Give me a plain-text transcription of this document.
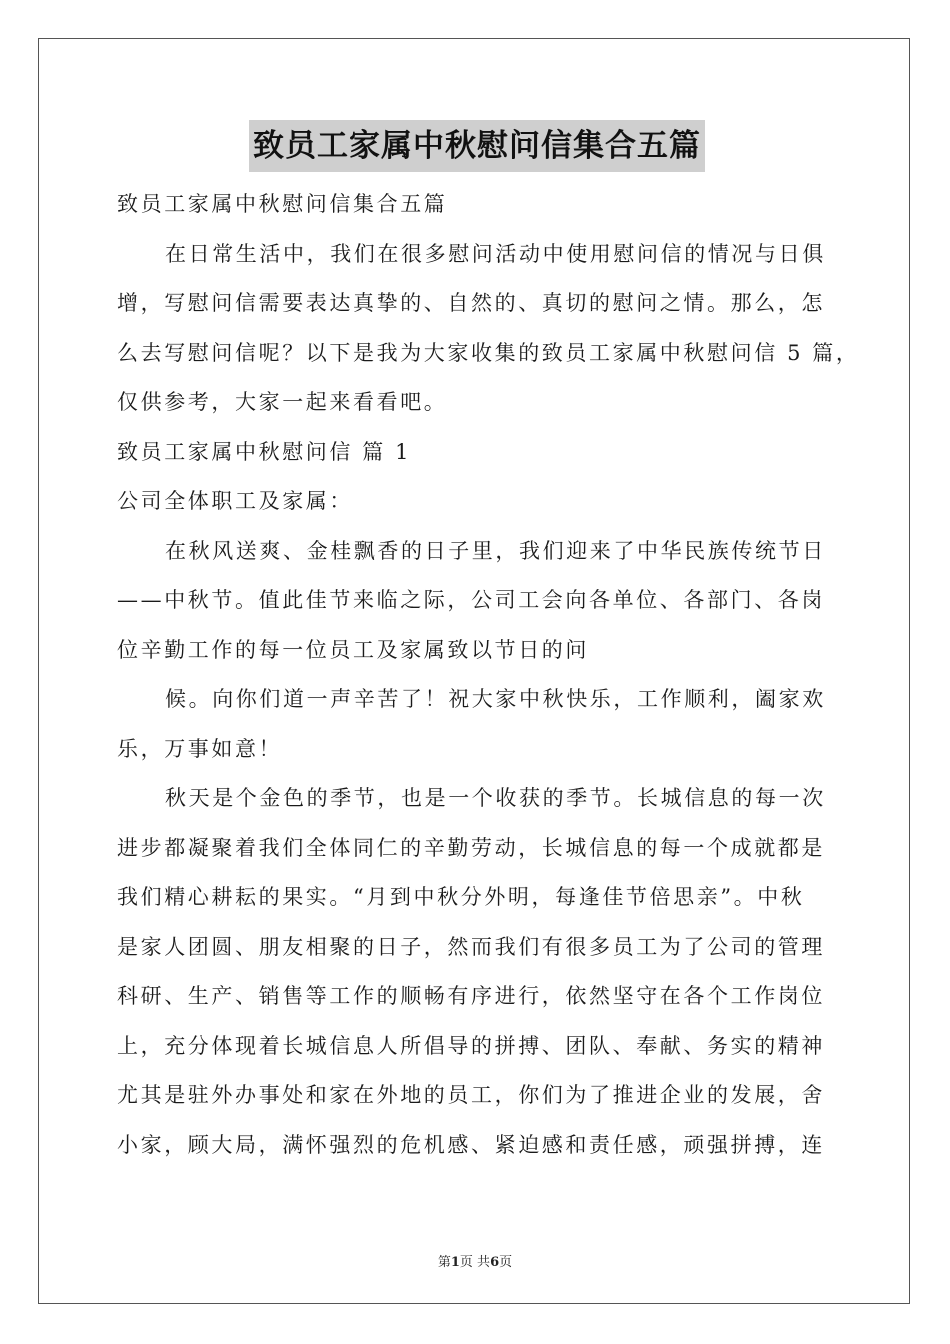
致员工家属中秋慰问信集合五篇
致员工家属中秋慰问信集合五篇
在日常生活中，我们在很多慰问活动中使用慰问信的情况与日俱
增，写慰问信需要表达真挚的、自然的、真切的慰问之情。那么，怎
么去写慰问信呢？以下是我为大家收集的致员工家属中秋慰问信 5 篇，
仅供参考，大家一起来看看吧。
致员工家属中秋慰问信 篇 1
公司全体职工及家属：
在秋风送爽、金桂飘香的日子里，我们迎来了中华民族传统节日
——中秋节。值此佳节来临之际，公司工会向各单位、各部门、各岗
位辛勤工作的每一位员工及家属致以节日的问
候。向你们道一声辛苦了！祝大家中秋快乐，工作顺利，阖家欢
乐，万事如意！
秋天是个金色的季节，也是一个收获的季节。长城信息的每一次
进步都凝聚着我们全体同仁的辛勤劳动，长城信息的每一个成就都是
我们精心耕耘的果实。“月到中秋分外明，每逢佳节倍思亲”。中秋
是家人团圆、朋友相聚的日子，然而我们有很多员工为了公司的管理
科研、生产、销售等工作的顺畅有序进行，依然坚守在各个工作岗位
上，充分体现着长城信息人所倡导的拼搏、团队、奉献、务实的精神
尤其是驻外办事处和家在外地的员工，你们为了推进企业的发展，舍
小家，顾大局，满怀强烈的危机感、紧迫感和责任感，顽强拼搏，连
第1页 共6页
